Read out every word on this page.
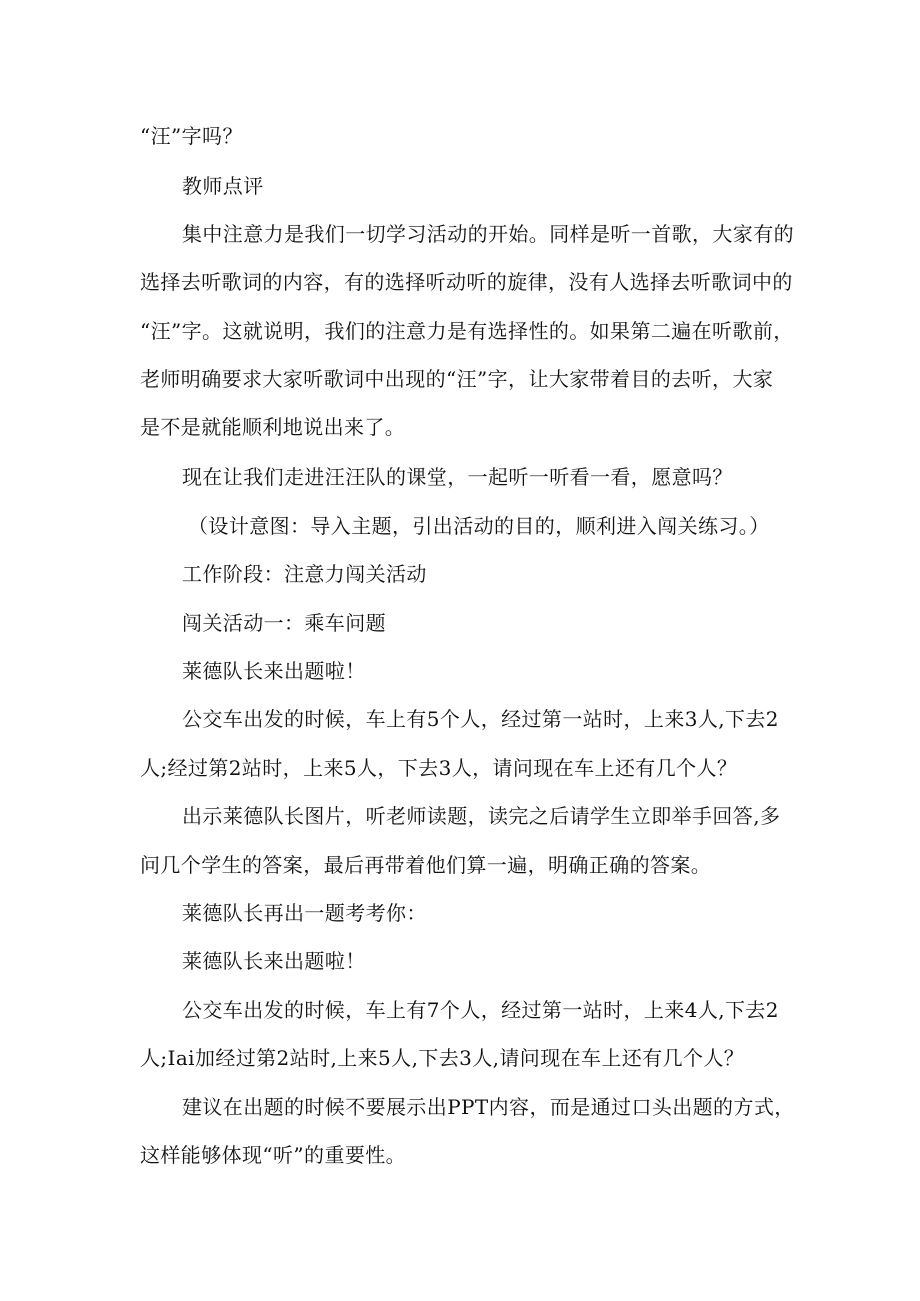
“汪”字吗？
教师点评
集中注意力是我们一切学习活动的开始。同样是听一首歌，大家有的
选择去听歌词的内容，有的选择听动听的旋律，没有人选择去听歌词中的
“汪”字。这就说明，我们的注意力是有选择性的。如果第二遍在听歌前，
老师明确要求大家听歌词中出现的“汪”字，让大家带着目的去听，大家
是不是就能顺利地说出来了。
现在让我们走进汪汪队的课堂，一起听一听看一看，愿意吗？
（设计意图：导入主题，引出活动的目的，顺利进入闯关练习。）
工作阶段：注意力闯关活动
闯关活动一：乘车问题
莱德队长来出题啦！
公交车出发的时候，车上有5个人，经过第一站时，上来3人,下去2
人;经过第2站时，上来5人，下去3人，请问现在车上还有几个人？
出示莱德队长图片，听老师读题，读完之后请学生立即举手回答,多
问几个学生的答案，最后再带着他们算一遍，明确正确的答案。
莱德队长再出一题考考你：
莱德队长来出题啦！
公交车出发的时候，车上有7个人，经过第一站时，上来4人,下去2
人;Iai加经过第2站时,上来5人,下去3人,请问现在车上还有几个人？
建议在出题的时候不要展示出PPT内容，而是通过口头出题的方式，
这样能够体现“听”的重要性。
